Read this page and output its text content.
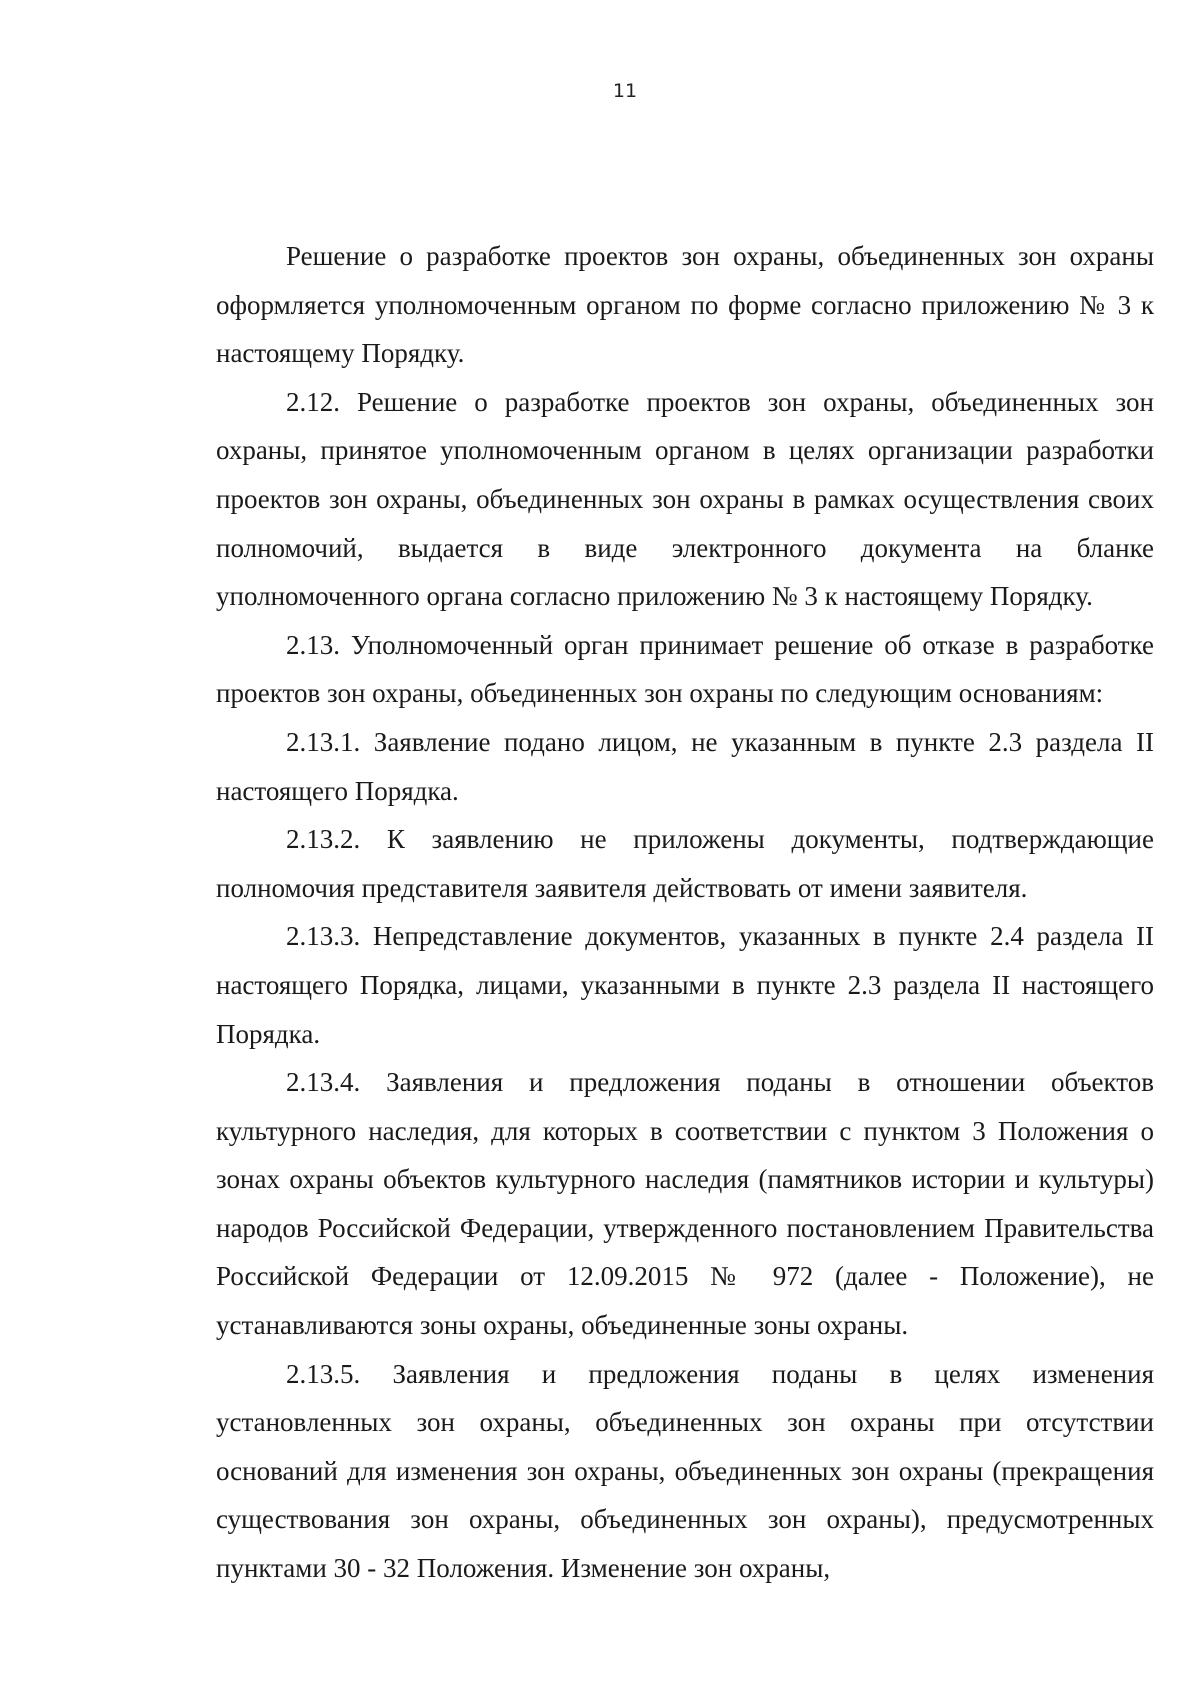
11

Решение о разработке проектов зон охраны, объединенных зон охраны оформляется уполномоченным органом по форме согласно приложению № 3 к настоящему Порядку.

2.12. Решение о разработке проектов зон охраны, объединенных зон охраны, принятое уполномоченным органом в целях организации разработки проектов зон охраны, объединенных зон охраны в рамках осуществления своих полномочий, выдается в виде электронного документа на бланке уполномоченного органа согласно приложению № 3 к настоящему Порядку.

2.13. Уполномоченный орган принимает решение об отказе в разработке проектов зон охраны, объединенных зон охраны по следующим основаниям:

2.13.1. Заявление подано лицом, не указанным в пункте 2.3 раздела II настоящего Порядка.

2.13.2. К заявлению не приложены документы, подтверждающие полномочия представителя заявителя действовать от имени заявителя.

2.13.3. Непредставление документов, указанных в пункте 2.4 раздела II настоящего Порядка, лицами, указанными в пункте 2.3 раздела II настоящего Порядка.

2.13.4. Заявления и предложения поданы в отношении объектов культурного наследия, для которых в соответствии с пунктом 3 Положения о зонах охраны объектов культурного наследия (памятников истории и культуры) народов Российской Федерации, утвержденного постановлением Правительства Российской Федерации от 12.09.2015 № 972 (далее - Положение), не устанавливаются зоны охраны, объединенные зоны охраны.

2.13.5. Заявления и предложения поданы в целях изменения установленных зон охраны, объединенных зон охраны при отсутствии оснований для изменения зон охраны, объединенных зон охраны (прекращения существования зон охраны, объединенных зон охраны), предусмотренных пунктами 30 - 32 Положения. Изменение зон охраны,
